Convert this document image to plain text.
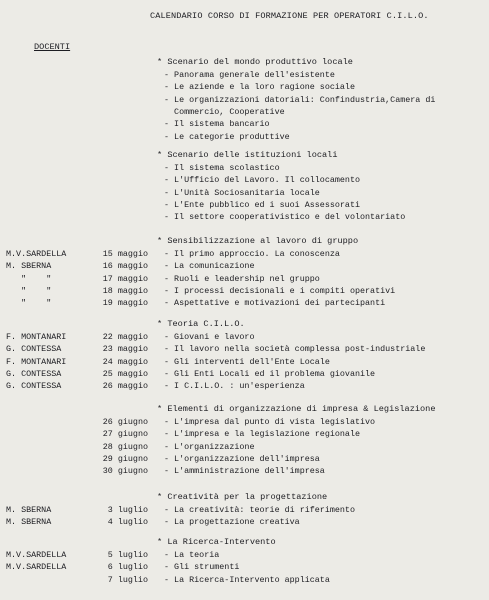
CALENDARIO CORSO DI FORMAZIONE PER OPERATORI C.I.L.O.
DOCENTI
* Scenario del mondo produttivo locale
- Panorama generale dell'esistente
- Le aziende e la loro ragione sociale
- Le organizzazioni datoriali: Confindustria,Camera di
Commercio, Cooperative
- Il sistema bancario
- Le categorie produttive
* Scenario delle istituzioni locali
- Il sistema scolastico
- L'Ufficio del Lavoro. Il collocamento
- L'Unità Sociosanitaria locale
- L'Ente pubblico ed i suoi Assessorati
- Il settore cooperativistico e del volontariato
* Sensibilizzazione al lavoro di gruppo
M.V.SARDELLA	15 maggio - Il primo approccio. La conoscenza
M. SBERNA	16 maggio - La comunicazione
"    "	17 maggio - Ruoli e leadership nel gruppo
"    "	18 maggio - I processi decisionali e i compiti operativi
"    "	19 maggio - Aspettative e motivazioni dei partecipanti
* Teoria C.I.L.O.
F. MONTANARI	22 maggio - Giovani e lavoro
G. CONTESSA	23 maggio - Il lavoro nella società complessa post-industriale
F. MONTANARI	24 maggio - Gli interventi dell'Ente Locale
G. CONTESSA	25 maggio - Gli Enti Locali ed il problema giovanile
G. CONTESSA	26 maggio - I C.I.L.O. : un'esperienza
* Elementi di organizzazione di impresa & Legislazione
26 giugno - L'impresa dal punto di vista legislativo
27 giugno - L'impresa e la legislazione regionale
28 giugno - L'organizzazione
29 giugno - L'organizzazione dell'impresa
30 giugno - L'amministrazione dell'impresa
* Creatività per la progettazione
M. SBERNA	3 luglio - La creatività: teorie di riferimento
M. SBERNA	4 luglio - La progettazione creativa
* La Ricerca-Intervento
M.V.SARDELLA	5 luglio - La teoria
M.V.SARDELLA	6 luglio - Gli strumenti
7 luglio - La Ricerca-Intervento applicata
